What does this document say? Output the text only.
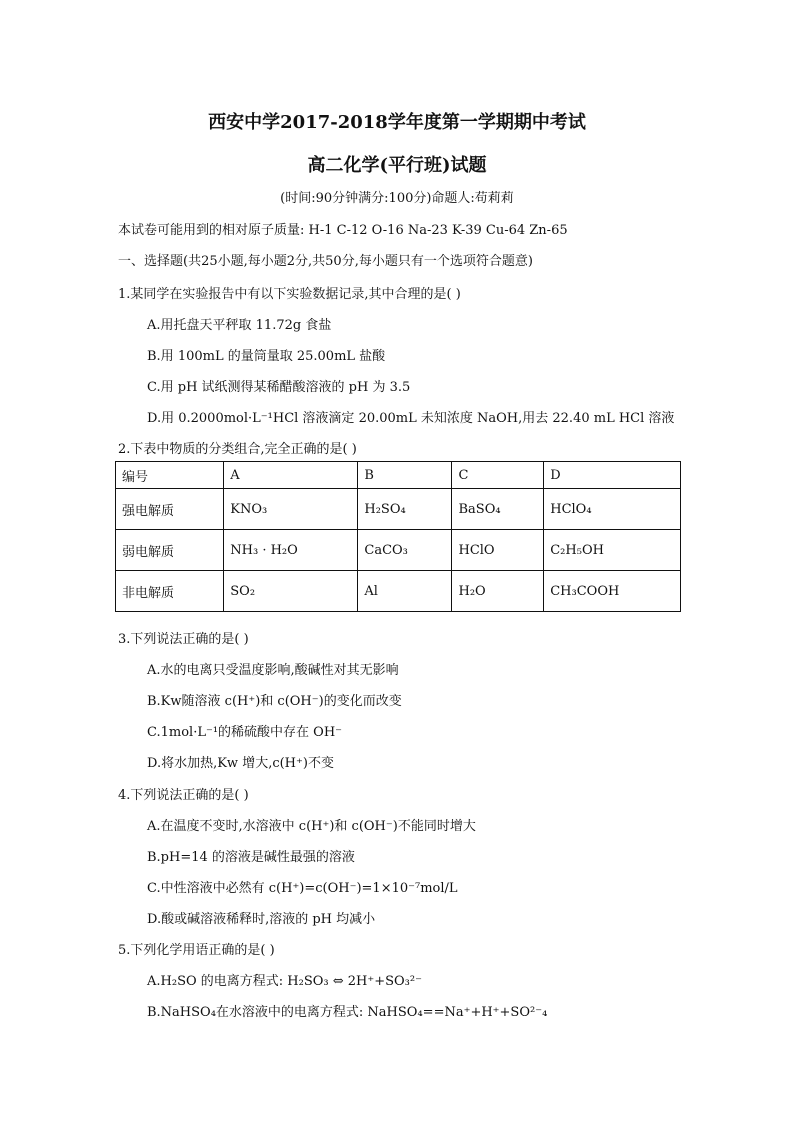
西安中学2017-2018学年度第一学期期中考试
高二化学(平行班)试题
(时间:90分钟满分:100分)命题人:苟莉莉
本试卷可能用到的相对原子质量: H-1 C-12 O-16 Na-23 K-39 Cu-64 Zn-65
一、选择题(共25小题,每小题2分,共50分,每小题只有一个选项符合题意)
1.某同学在实验报告中有以下实验数据记录,其中合理的是( )
A.用托盘天平秤取 11.72g 食盐
B.用 100mL 的量筒量取 25.00mL 盐酸
C.用 pH 试纸测得某稀醋酸溶液的 pH 为 3.5
D.用 0.2000mol·L⁻¹HCl 溶液滴定 20.00mL 未知浓度 NaOH,用去 22.40 mL HCl 溶液
2.下表中物质的分类组合,完全正确的是( )
编号	A	B	C	D
强电解质	KNO₃	H₂SO₄	BaSO₄	HClO₄
弱电解质	NH₃ · H₂O	CaCO₃	HClO	C₂H₅OH
非电解质	SO₂	Al	H₂O	CH₃COOH
3.下列说法正确的是( )
A.水的电离只受温度影响,酸碱性对其无影响
B.Kw随溶液 c(H⁺)和 c(OH⁻)的变化而改变
C.1mol·L⁻¹的稀硫酸中存在 OH⁻
D.将水加热,Kw 增大,c(H⁺)不变
4.下列说法正确的是( )
A.在温度不变时,水溶液中 c(H⁺)和 c(OH⁻)不能同时增大
B.pH=14 的溶液是碱性最强的溶液
C.中性溶液中必然有 c(H⁺)=c(OH⁻)=1×10⁻⁷mol/L
D.酸或碱溶液稀释时,溶液的 pH 均减小
5.下列化学用语正确的是( )
A.H₂SO 的电离方程式: H₂SO₃ ⇔ 2H⁺+SO₃²⁻
B.NaHSO₄在水溶液中的电离方程式: NaHSO₄==Na⁺+H⁺+SO²⁻₄
